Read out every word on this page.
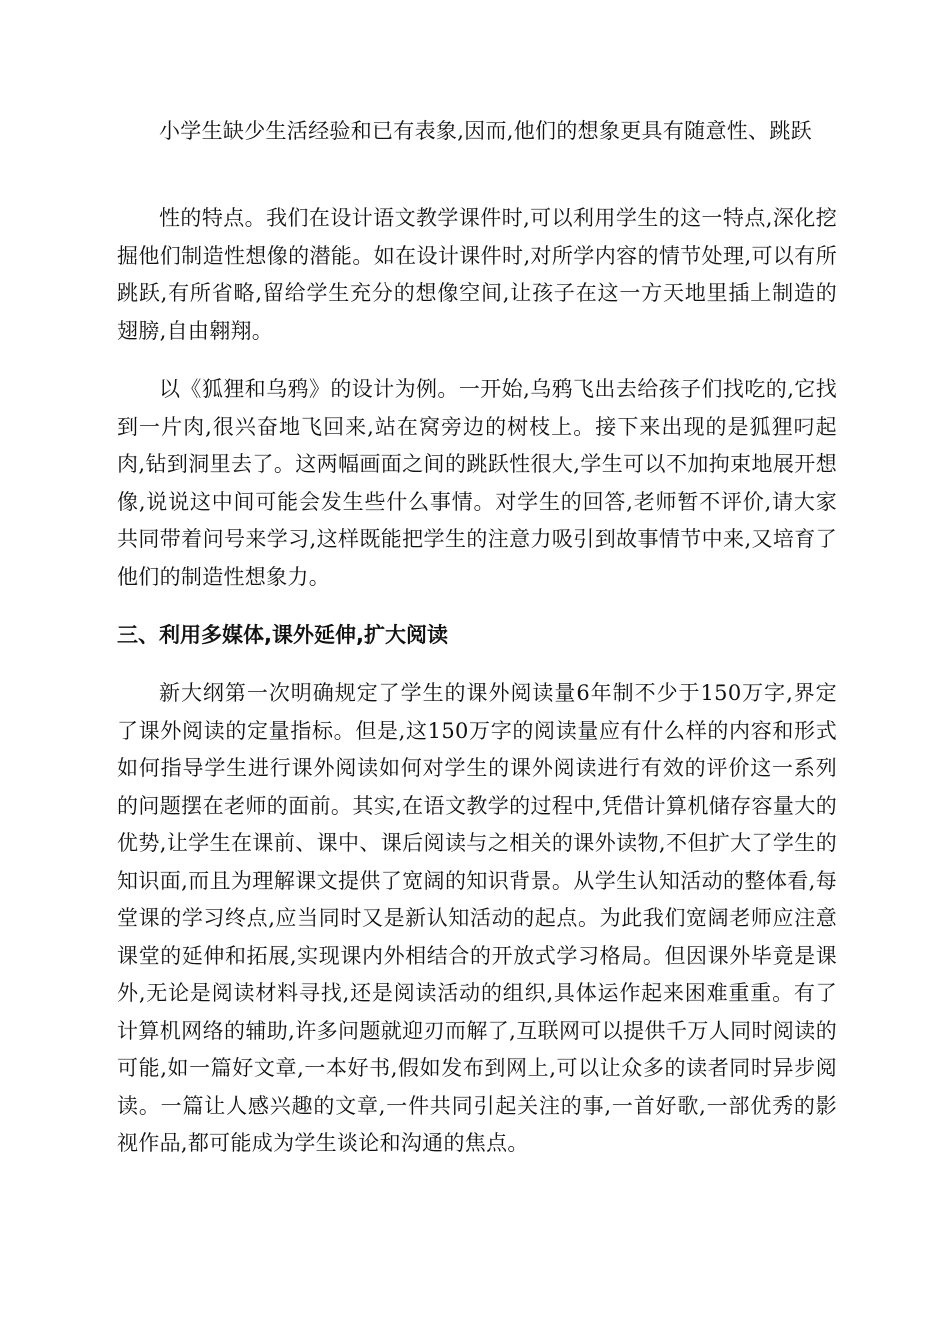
小学生缺少生活经验和已有表象,因而,他们的想象更具有随意性、跳跃

性的特点。我们在设计语文教学课件时,可以利用学生的这一特点,深化挖掘他们制造性想像的潜能。如在设计课件时,对所学内容的情节处理,可以有所跳跃,有所省略,留给学生充分的想像空间,让孩子在这一方天地里插上制造的翅膀,自由翱翔。

以《狐狸和乌鸦》的设计为例。一开始,乌鸦飞出去给孩子们找吃的,它找到一片肉,很兴奋地飞回来,站在窝旁边的树枝上。接下来出现的是狐狸叼起肉,钻到洞里去了。这两幅画面之间的跳跃性很大,学生可以不加拘束地展开想像,说说这中间可能会发生些什么事情。对学生的回答,老师暂不评价,请大家共同带着问号来学习,这样既能把学生的注意力吸引到故事情节中来,又培育了他们的制造性想象力。

三、利用多媒体,课外延伸,扩大阅读

新大纲第一次明确规定了学生的课外阅读量6年制不少于150万字,界定了课外阅读的定量指标。但是,这150万字的阅读量应有什么样的内容和形式如何指导学生进行课外阅读如何对学生的课外阅读进行有效的评价这一系列的问题摆在老师的面前。其实,在语文教学的过程中,凭借计算机储存容量大的优势,让学生在课前、课中、课后阅读与之相关的课外读物,不但扩大了学生的知识面,而且为理解课文提供了宽阔的知识背景。从学生认知活动的整体看,每堂课的学习终点,应当同时又是新认知活动的起点。为此我们宽阔老师应注意课堂的延伸和拓展,实现课内外相结合的开放式学习格局。但因课外毕竟是课外,无论是阅读材料寻找,还是阅读活动的组织,具体运作起来困难重重。有了计算机网络的辅助,许多问题就迎刃而解了,互联网可以提供千万人同时阅读的可能,如一篇好文章,一本好书,假如发布到网上,可以让众多的读者同时异步阅读。一篇让人感兴趣的文章,一件共同引起关注的事,一首好歌,一部优秀的影视作品,都可能成为学生谈论和沟通的焦点。
